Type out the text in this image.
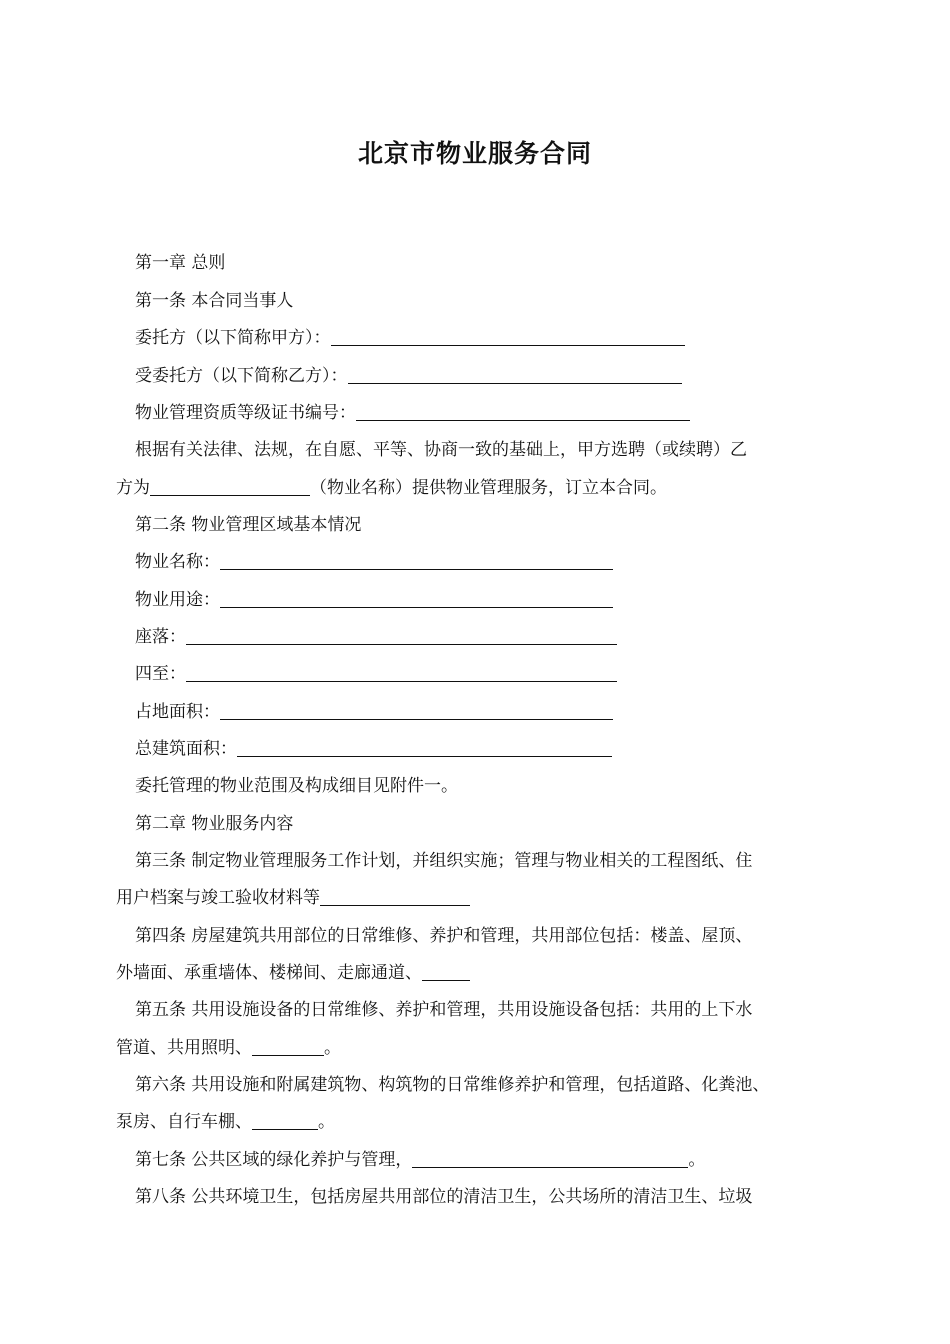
北京市物业服务合同
第一章 总则
第一条 本合同当事人
委托方（以下简称甲方）：
受委托方（以下简称乙方）：
物业管理资质等级证书编号：
根据有关法律、法规，在自愿、平等、协商一致的基础上，甲方选聘（或续聘）乙
方为	（物业名称）提供物业管理服务，订立本合同。
第二条 物业管理区域基本情况
物业名称：
物业用途：
座落：
四至：
占地面积：
总建筑面积：
委托管理的物业范围及构成细目见附件一。
第二章 物业服务内容
第三条 制定物业管理服务工作计划，并组织实施；管理与物业相关的工程图纸、住
用户档案与竣工验收材料等
第四条 房屋建筑共用部位的日常维修、养护和管理，共用部位包括：楼盖、屋顶、
外墙面、承重墙体、楼梯间、走廊通道、
第五条 共用设施设备的日常维修、养护和管理，共用设施设备包括：共用的上下水
管道、共用照明、	。
第六条 共用设施和附属建筑物、构筑物的日常维修养护和管理，包括道路、化粪池、
泵房、自行车棚、	。
第七条 公共区域的绿化养护与管理，	。
第八条 公共环境卫生，包括房屋共用部位的清洁卫生，公共场所的清洁卫生、垃圾
